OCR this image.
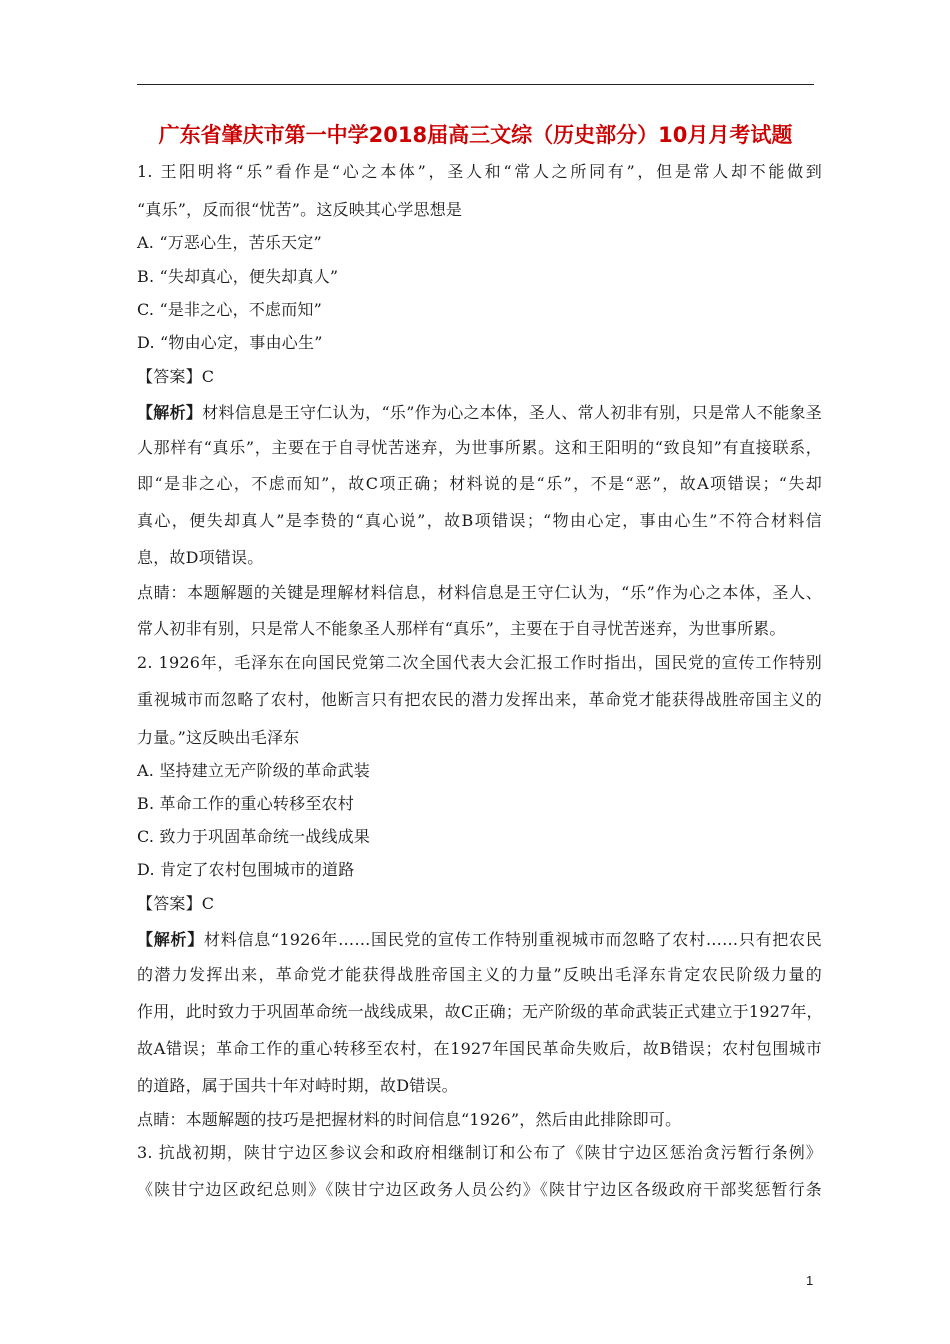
广东省肇庆市第一中学2018届高三文综（历史部分）10月月考试题
1. 王阳明将“乐”看作是“心之本体”，圣人和“常人之所同有”，但是常人却不能做到
“真乐”，反而很“忧苦”。这反映其心学思想是
A. “万恶心生，苦乐天定”
B. “失却真心，便失却真人”
C. “是非之心，不虑而知”
D. “物由心定，事由心生”
【答案】C
【解析】材料信息是王守仁认为，“乐”作为心之本体，圣人、常人初非有别，只是常人不能象圣
人那样有“真乐”，主要在于自寻忧苦迷弃，为世事所累。这和王阳明的“致良知”有直接联系，
即“是非之心，不虑而知”，故C项正确；材料说的是“乐”，不是“恶”，故A项错误；“失却
真心，便失却真人”是李贽的“真心说”，故B项错误；“物由心定，事由心生”不符合材料信
息，故D项错误。
点睛：本题解题的关键是理解材料信息，材料信息是王守仁认为，“乐”作为心之本体，圣人、
常人初非有别，只是常人不能象圣人那样有“真乐”，主要在于自寻忧苦迷弃，为世事所累。
2. 1926年，毛泽东在向国民党第二次全国代表大会汇报工作时指出，国民党的宣传工作特别
重视城市而忽略了农村，他断言只有把农民的潜力发挥出来，革命党才能获得战胜帝国主义的
力量。”这反映出毛泽东
A. 坚持建立无产阶级的革命武装
B. 革命工作的重心转移至农村
C. 致力于巩固革命统一战线成果
D. 肯定了农村包围城市的道路
【答案】C
【解析】材料信息“1926年……国民党的宣传工作特别重视城市而忽略了农村……只有把农民
的潜力发挥出来，革命党才能获得战胜帝国主义的力量”反映出毛泽东肯定农民阶级力量的
作用，此时致力于巩固革命统一战线成果，故C正确；无产阶级的革命武装正式建立于1927年，
故A错误；革命工作的重心转移至农村，在1927年国民革命失败后，故B错误；农村包围城市
的道路，属于国共十年对峙时期，故D错误。
点睛：本题解题的技巧是把握材料的时间信息“1926”，然后由此排除即可。
3. 抗战初期，陕甘宁边区参议会和政府相继制订和公布了《陕甘宁边区惩治贪污暂行条例》
《陕甘宁边区政纪总则》《陕甘宁边区政务人员公约》《陕甘宁边区各级政府干部奖惩暂行条
1
